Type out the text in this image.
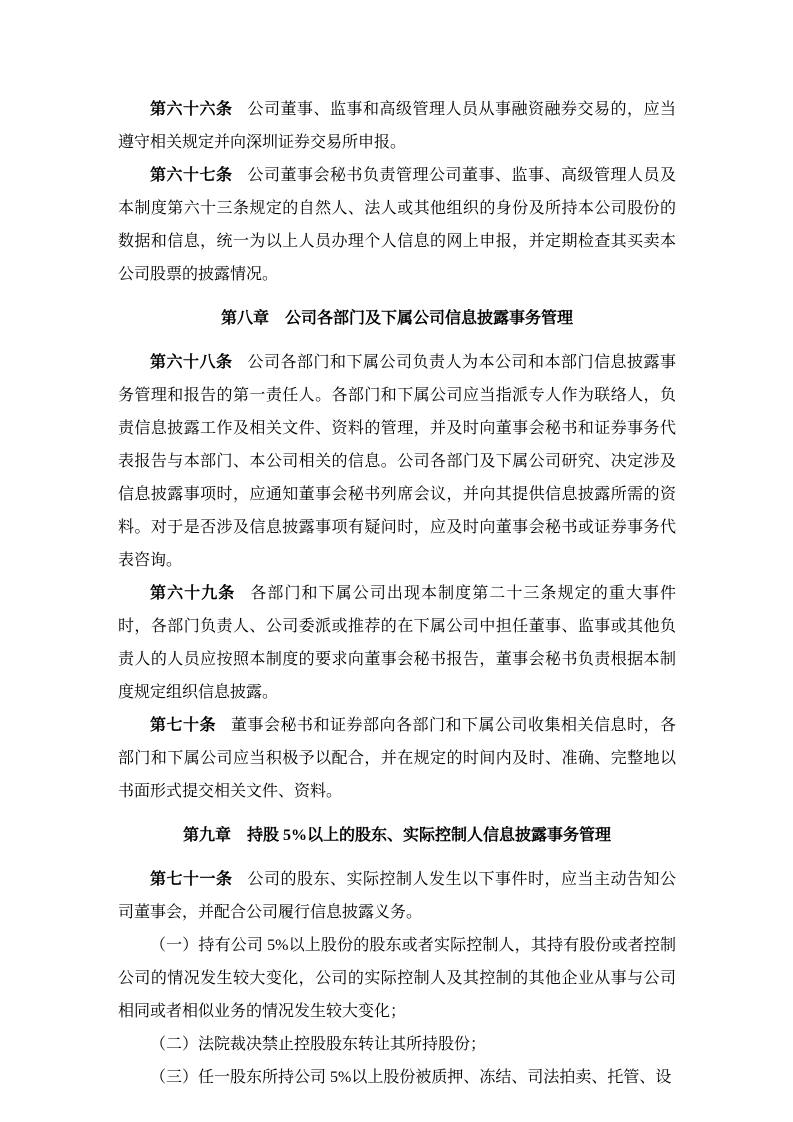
第六十六条 公司董事、监事和高级管理人员从事融资融券交易的，应当遵守相关规定并向深圳证券交易所申报。

第六十七条 公司董事会秘书负责管理公司董事、监事、高级管理人员及本制度第六十三条规定的自然人、法人或其他组织的身份及所持本公司股份的数据和信息，统一为以上人员办理个人信息的网上申报，并定期检查其买卖本公司股票的披露情况。

第八章　公司各部门及下属公司信息披露事务管理

第六十八条 公司各部门和下属公司负责人为本公司和本部门信息披露事务管理和报告的第一责任人。各部门和下属公司应当指派专人作为联络人，负责信息披露工作及相关文件、资料的管理，并及时向董事会秘书和证券事务代表报告与本部门、本公司相关的信息。公司各部门及下属公司研究、决定涉及信息披露事项时，应通知董事会秘书列席会议，并向其提供信息披露所需的资料。对于是否涉及信息披露事项有疑问时，应及时向董事会秘书或证券事务代表咨询。

第六十九条 各部门和下属公司出现本制度第二十三条规定的重大事件时，各部门负责人、公司委派或推荐的在下属公司中担任董事、监事或其他负责人的人员应按照本制度的要求向董事会秘书报告，董事会秘书负责根据本制度规定组织信息披露。

第七十条 董事会秘书和证券部向各部门和下属公司收集相关信息时，各部门和下属公司应当积极予以配合，并在规定的时间内及时、准确、完整地以书面形式提交相关文件、资料。

第九章　持股 5%以上的股东、实际控制人信息披露事务管理

第七十一条 公司的股东、实际控制人发生以下事件时，应当主动告知公司董事会，并配合公司履行信息披露义务。

（一）持有公司 5%以上股份的股东或者实际控制人，其持有股份或者控制公司的情况发生较大变化，公司的实际控制人及其控制的其他企业从事与公司相同或者相似业务的情况发生较大变化；

（二）法院裁决禁止控股股东转让其所持股份；

（三）任一股东所持公司 5%以上股份被质押、冻结、司法拍卖、托管、设
